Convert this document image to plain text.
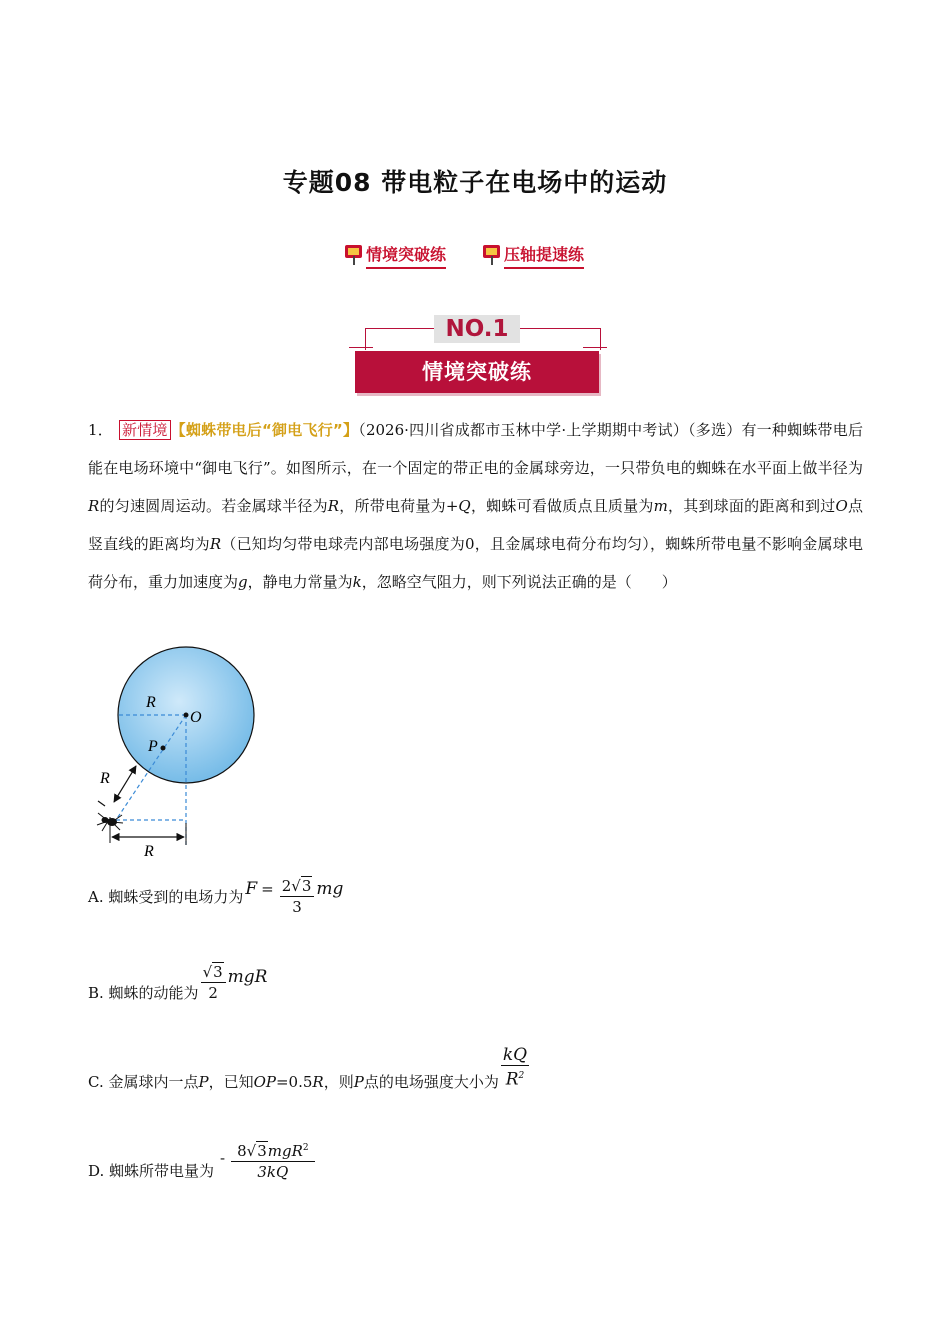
专题08 带电粒子在电场中的运动
情境突破练	压轴提速练
NO.1
情境突破练
1． 新情境 【蜘蛛带电后“御电飞行”】（2026·四川省成都市玉林中学·上学期期中考试）（多选）有一种蜘蛛带电后能在电场环境中“御电飞行”。如图所示，在一个固定的带正电的金属球旁边，一只带负电的蜘蛛在水平面上做半径为R的匀速圆周运动。若金属球半径为R，所带电荷量为+Q，蜘蛛可看做质点且质量为m，其到球面的距离和到过O点竖直线的距离均为R（已知均匀带电球壳内部电场强度为0，且金属球电荷分布均匀），蜘蛛所带电量不影响金属球电荷分布，重力加速度为g，静电力常量为k，忽略空气阻力，则下列说法正确的是（　　）
R
O
P
R
R
A. 蜘蛛受到的电场力为 $F = \frac{2√3}{3}$ mg
B. 蜘蛛的动能为 $\frac{√3}{2}$ mgR
C. 金属球内一点P，已知OP=0.5R，则P点的电场强度大小为 $\frac{kQ}{R^2}$
D. 蜘蛛所带电量为
- $\frac{8√3mgR^2}{3kQ}$
